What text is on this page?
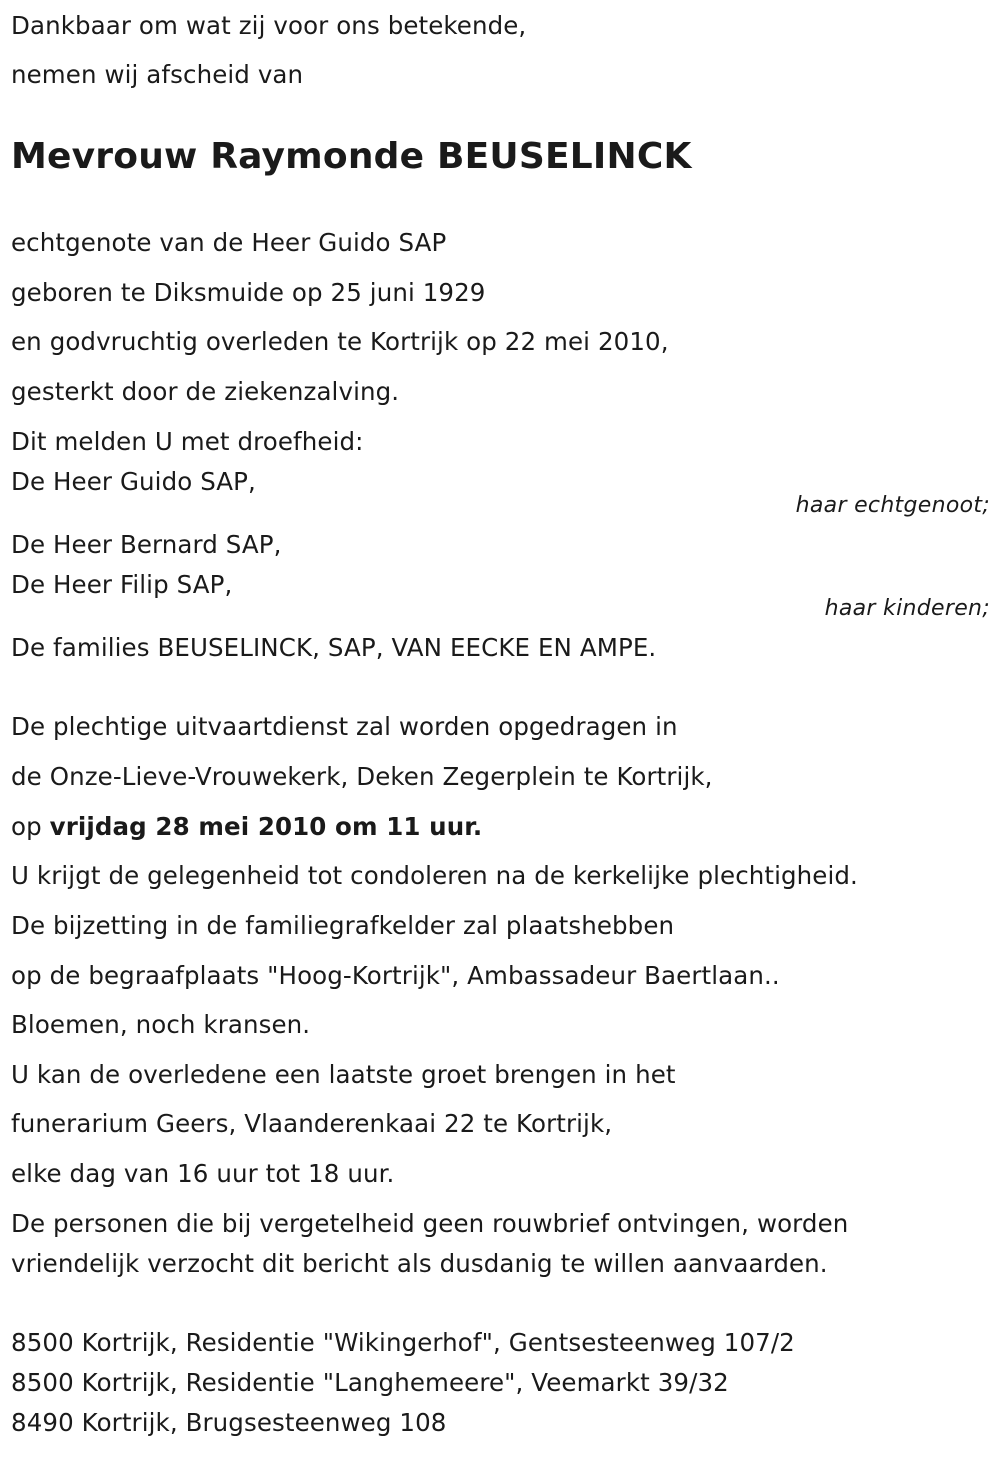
Dankbaar om wat zij voor ons betekende,
nemen wij afscheid van
Mevrouw Raymonde BEUSELINCK
echtgenote van de Heer Guido SAP
geboren te Diksmuide op 25 juni 1929
en godvruchtig overleden te Kortrijk op 22 mei 2010,
gesterkt door de ziekenzalving.
Dit melden U met droefheid:
De Heer Guido SAP,
haar echtgenoot;
De Heer Bernard SAP,
De Heer Filip SAP,
haar kinderen;
De families BEUSELINCK, SAP, VAN EECKE EN AMPE.
De plechtige uitvaartdienst zal worden opgedragen in
de Onze-Lieve-Vrouwekerk, Deken Zegerplein te Kortrijk,
op vrijdag 28 mei 2010 om 11 uur.
U krijgt de gelegenheid tot condoleren na de kerkelijke plechtigheid.
De bijzetting in de familiegrafkelder zal plaatshebben
op de begraafplaats "Hoog-Kortrijk", Ambassadeur Baertlaan..
Bloemen, noch kransen.
U kan de overledene een laatste groet brengen in het
funerarium Geers, Vlaanderenkaai 22 te Kortrijk,
elke dag van 16 uur tot 18 uur.
De personen die bij vergetelheid geen rouwbrief ontvingen, worden
vriendelijk verzocht dit bericht als dusdanig te willen aanvaarden.
8500 Kortrijk, Residentie "Wikingerhof", Gentsesteenweg 107/2
8500 Kortrijk, Residentie "Langhemeere", Veemarkt 39/32
8490 Kortrijk, Brugsesteenweg 108
